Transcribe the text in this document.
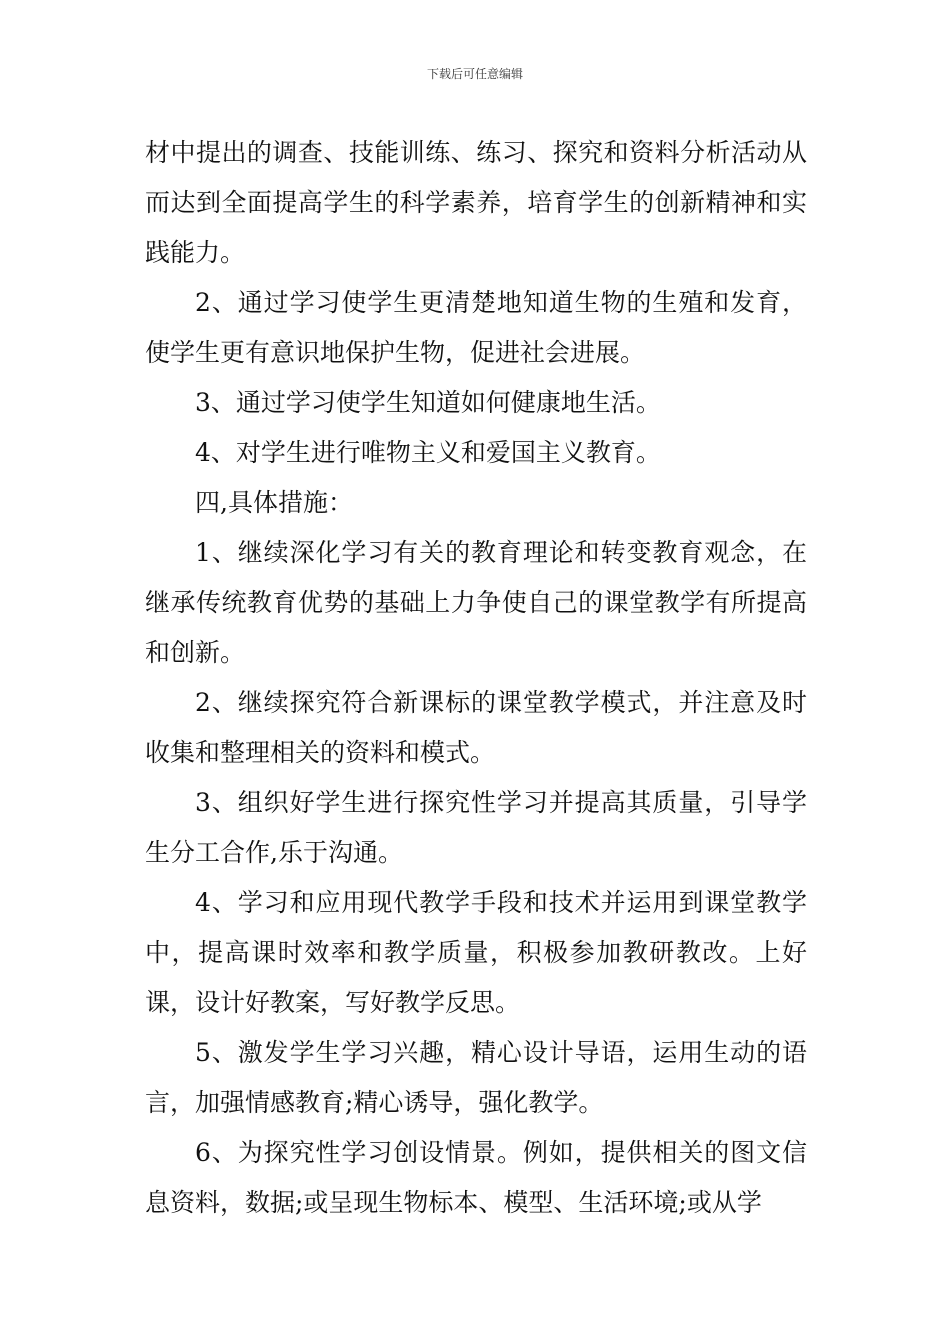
下载后可任意编辑

材中提出的调查、技能训练、练习、探究和资料分析活动从而达到全面提高学生的科学素养，培育学生的创新精神和实践能力。

2、通过学习使学生更清楚地知道生物的生殖和发育，使学生更有意识地保护生物，促进社会进展。

3、通过学习使学生知道如何健康地生活。

4、对学生进行唯物主义和爱国主义教育。

四,具体措施：

1、继续深化学习有关的教育理论和转变教育观念，在继承传统教育优势的基础上力争使自己的课堂教学有所提高和创新。

2、继续探究符合新课标的课堂教学模式，并注意及时收集和整理相关的资料和模式。

3、组织好学生进行探究性学习并提高其质量，引导学生分工合作,乐于沟通。

4、学习和应用现代教学手段和技术并运用到课堂教学中，提高课时效率和教学质量，积极参加教研教改。上好课，设计好教案，写好教学反思。

5、激发学生学习兴趣，精心设计导语，运用生动的语言，加强情感教育;精心诱导，强化教学。

6、为探究性学习创设情景。例如，提供相关的图文信息资料，数据;或呈现生物标本、模型、生活环境;或从学
